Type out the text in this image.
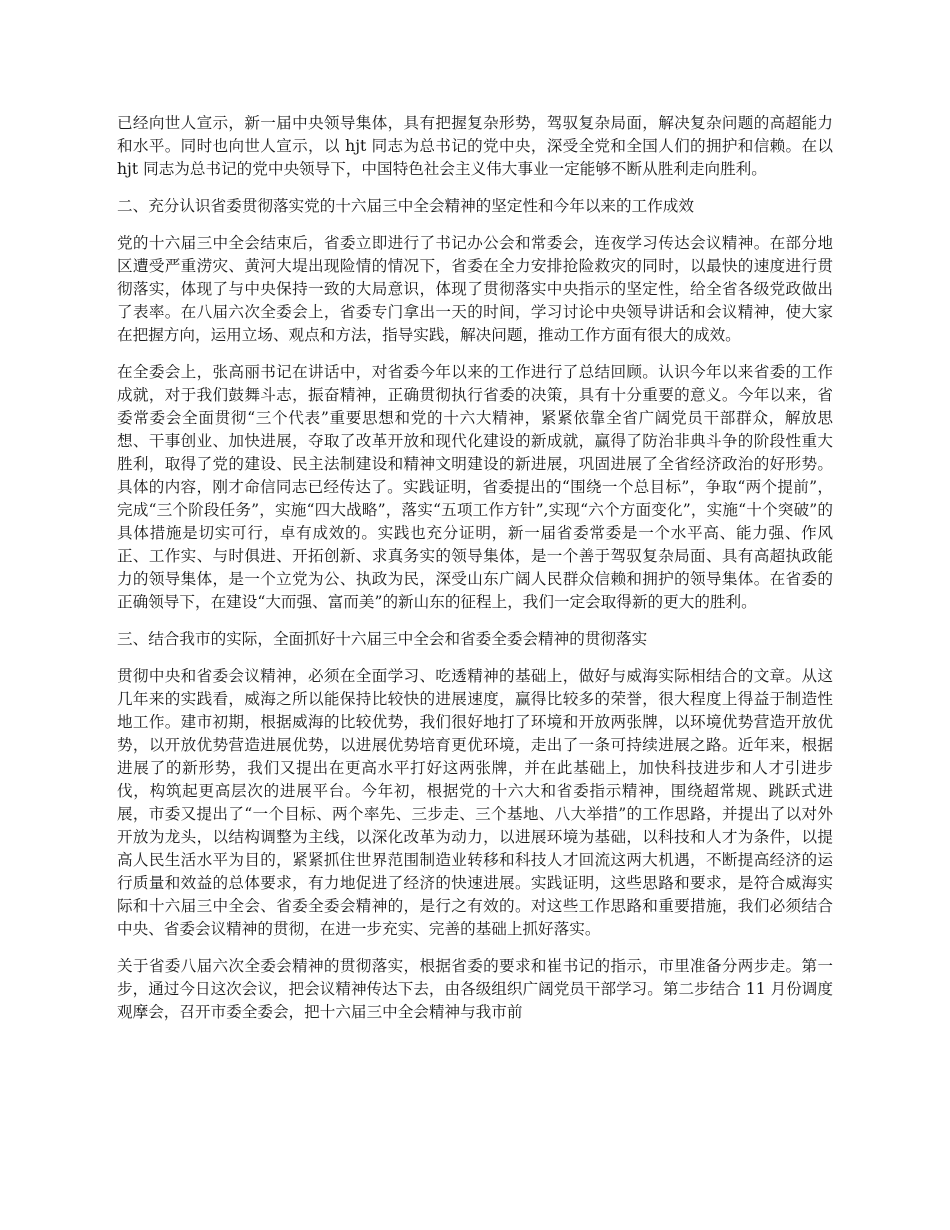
已经向世人宣示，新一届中央领导集体，具有把握复杂形势，驾驭复杂局面，解决复杂问题的高超能力和水平。同时也向世人宣示，以 hjt 同志为总书记的党中央，深受全党和全国人们的拥护和信赖。在以 hjt 同志为总书记的党中央领导下，中国特色社会主义伟大事业一定能够不断从胜利走向胜利。

二、充分认识省委贯彻落实党的十六届三中全会精神的坚定性和今年以来的工作成效

党的十六届三中全会结束后，省委立即进行了书记办公会和常委会，连夜学习传达会议精神。在部分地区遭受严重涝灾、黄河大堤出现险情的情况下，省委在全力安排抢险救灾的同时，以最快的速度进行贯彻落实，体现了与中央保持一致的大局意识，体现了贯彻落实中央指示的坚定性，给全省各级党政做出了表率。在八届六次全委会上，省委专门拿出一天的时间，学习讨论中央领导讲话和会议精神，使大家在把握方向，运用立场、观点和方法，指导实践，解决问题，推动工作方面有很大的成效。

在全委会上，张高丽书记在讲话中，对省委今年以来的工作进行了总结回顾。认识今年以来省委的工作成就，对于我们鼓舞斗志，振奋精神，正确贯彻执行省委的决策，具有十分重要的意义。今年以来，省委常委会全面贯彻“三个代表”重要思想和党的十六大精神，紧紧依靠全省广阔党员干部群众，解放思想、干事创业、加快进展，夺取了改革开放和现代化建设的新成就，赢得了防治非典斗争的阶段性重大胜利，取得了党的建设、民主法制建设和精神文明建设的新进展，巩固进展了全省经济政治的好形势。具体的内容，刚才命信同志已经传达了。实践证明，省委提出的“围绕一个总目标”，争取“两个提前”，完成“三个阶段任务”，实施“四大战略”，落实“五项工作方针”,实现“六个方面变化”，实施“十个突破”的具体措施是切实可行，卓有成效的。实践也充分证明，新一届省委常委是一个水平高、能力强、作风正、工作实、与时俱进、开拓创新、求真务实的领导集体，是一个善于驾驭复杂局面、具有高超执政能力的领导集体，是一个立党为公、执政为民，深受山东广阔人民群众信赖和拥护的领导集体。在省委的正确领导下，在建设“大而强、富而美”的新山东的征程上，我们一定会取得新的更大的胜利。

三、结合我市的实际，全面抓好十六届三中全会和省委全委会精神的贯彻落实

贯彻中央和省委会议精神，必须在全面学习、吃透精神的基础上，做好与威海实际相结合的文章。从这几年来的实践看，威海之所以能保持比较快的进展速度，赢得比较多的荣誉，很大程度上得益于制造性地工作。建市初期，根据威海的比较优势，我们很好地打了环境和开放两张牌，以环境优势营造开放优势，以开放优势营造进展优势，以进展优势培育更优环境，走出了一条可持续进展之路。近年来，根据进展了的新形势，我们又提出在更高水平打好这两张牌，并在此基础上，加快科技进步和人才引进步伐，构筑起更高层次的进展平台。今年初，根据党的十六大和省委指示精神，围绕超常规、跳跃式进展，市委又提出了“一个目标、两个率先、三步走、三个基地、八大举措”的工作思路，并提出了以对外开放为龙头，以结构调整为主线，以深化改革为动力，以进展环境为基础，以科技和人才为条件，以提高人民生活水平为目的，紧紧抓住世界范围制造业转移和科技人才回流这两大机遇，不断提高经济的运行质量和效益的总体要求，有力地促进了经济的快速进展。实践证明，这些思路和要求，是符合威海实际和十六届三中全会、省委全委会精神的，是行之有效的。对这些工作思路和重要措施，我们必须结合中央、省委会议精神的贯彻，在进一步充实、完善的基础上抓好落实。

关于省委八届六次全委会精神的贯彻落实，根据省委的要求和崔书记的指示，市里准备分两步走。第一步，通过今日这次会议，把会议精神传达下去，由各级组织广阔党员干部学习。第二步结合 11 月份调度观摩会，召开市委全委会，把十六届三中全会精神与我市前
